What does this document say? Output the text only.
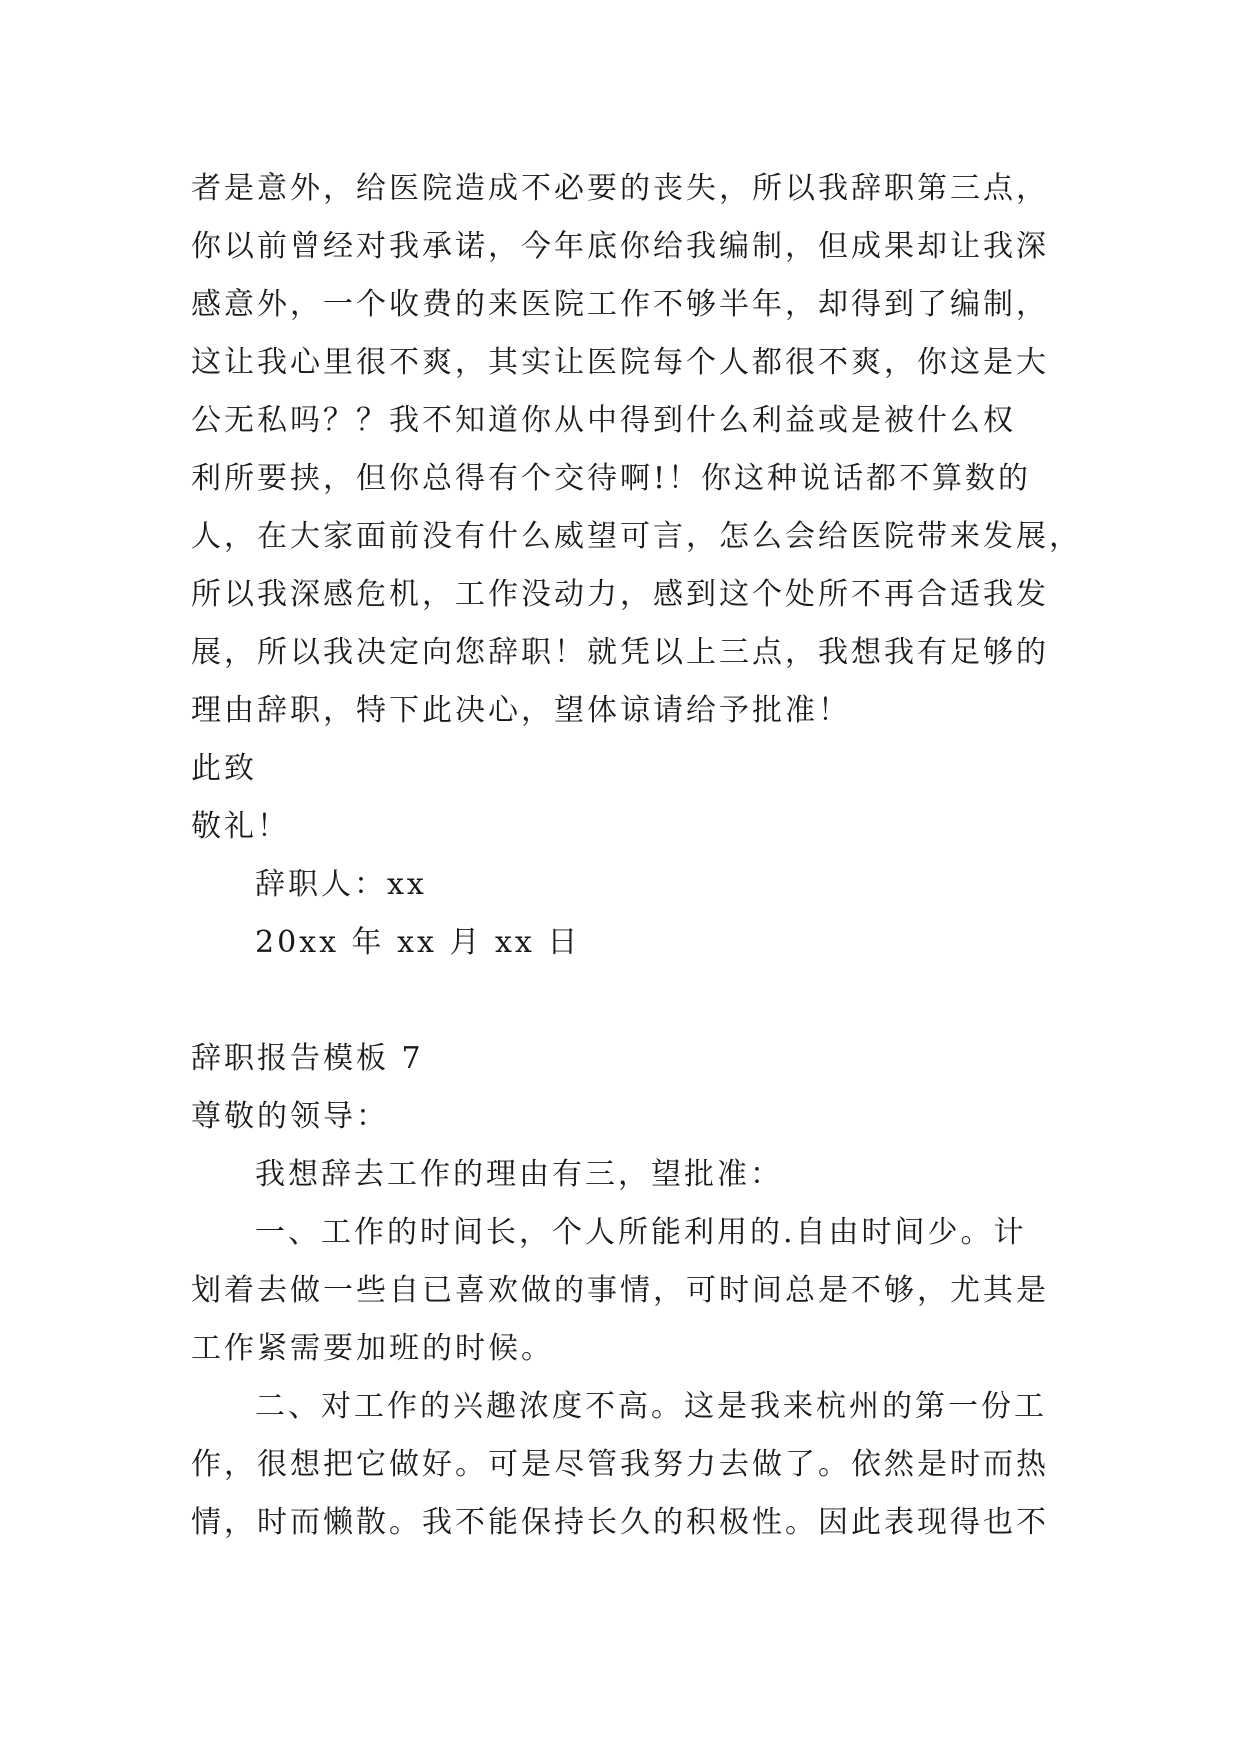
者是意外，给医院造成不必要的丧失，所以我辞职第三点，
你以前曾经对我承诺，今年底你给我编制，但成果却让我深
感意外，一个收费的来医院工作不够半年，却得到了编制，
这让我心里很不爽，其实让医院每个人都很不爽，你这是大
公无私吗？？我不知道你从中得到什么利益或是被什么权
利所要挟，但你总得有个交待啊!！你这种说话都不算数的
人，在大家面前没有什么威望可言，怎么会给医院带来发展，
所以我深感危机，工作没动力，感到这个处所不再合适我发
展，所以我决定向您辞职！就凭以上三点，我想我有足够的
理由辞职，特下此决心，望体谅请给予批准！
此致
敬礼！
辞职人：xx
20xx 年 xx 月 xx 日
辞职报告模板 7
尊敬的领导：
我想辞去工作的理由有三，望批准：
一、工作的时间长，个人所能利用的.自由时间少。计
划着去做一些自已喜欢做的事情，可时间总是不够，尤其是
工作紧需要加班的时候。
二、对工作的兴趣浓度不高。这是我来杭州的第一份工
作，很想把它做好。可是尽管我努力去做了。依然是时而热
情，时而懒散。我不能保持长久的积极性。因此表现得也不
